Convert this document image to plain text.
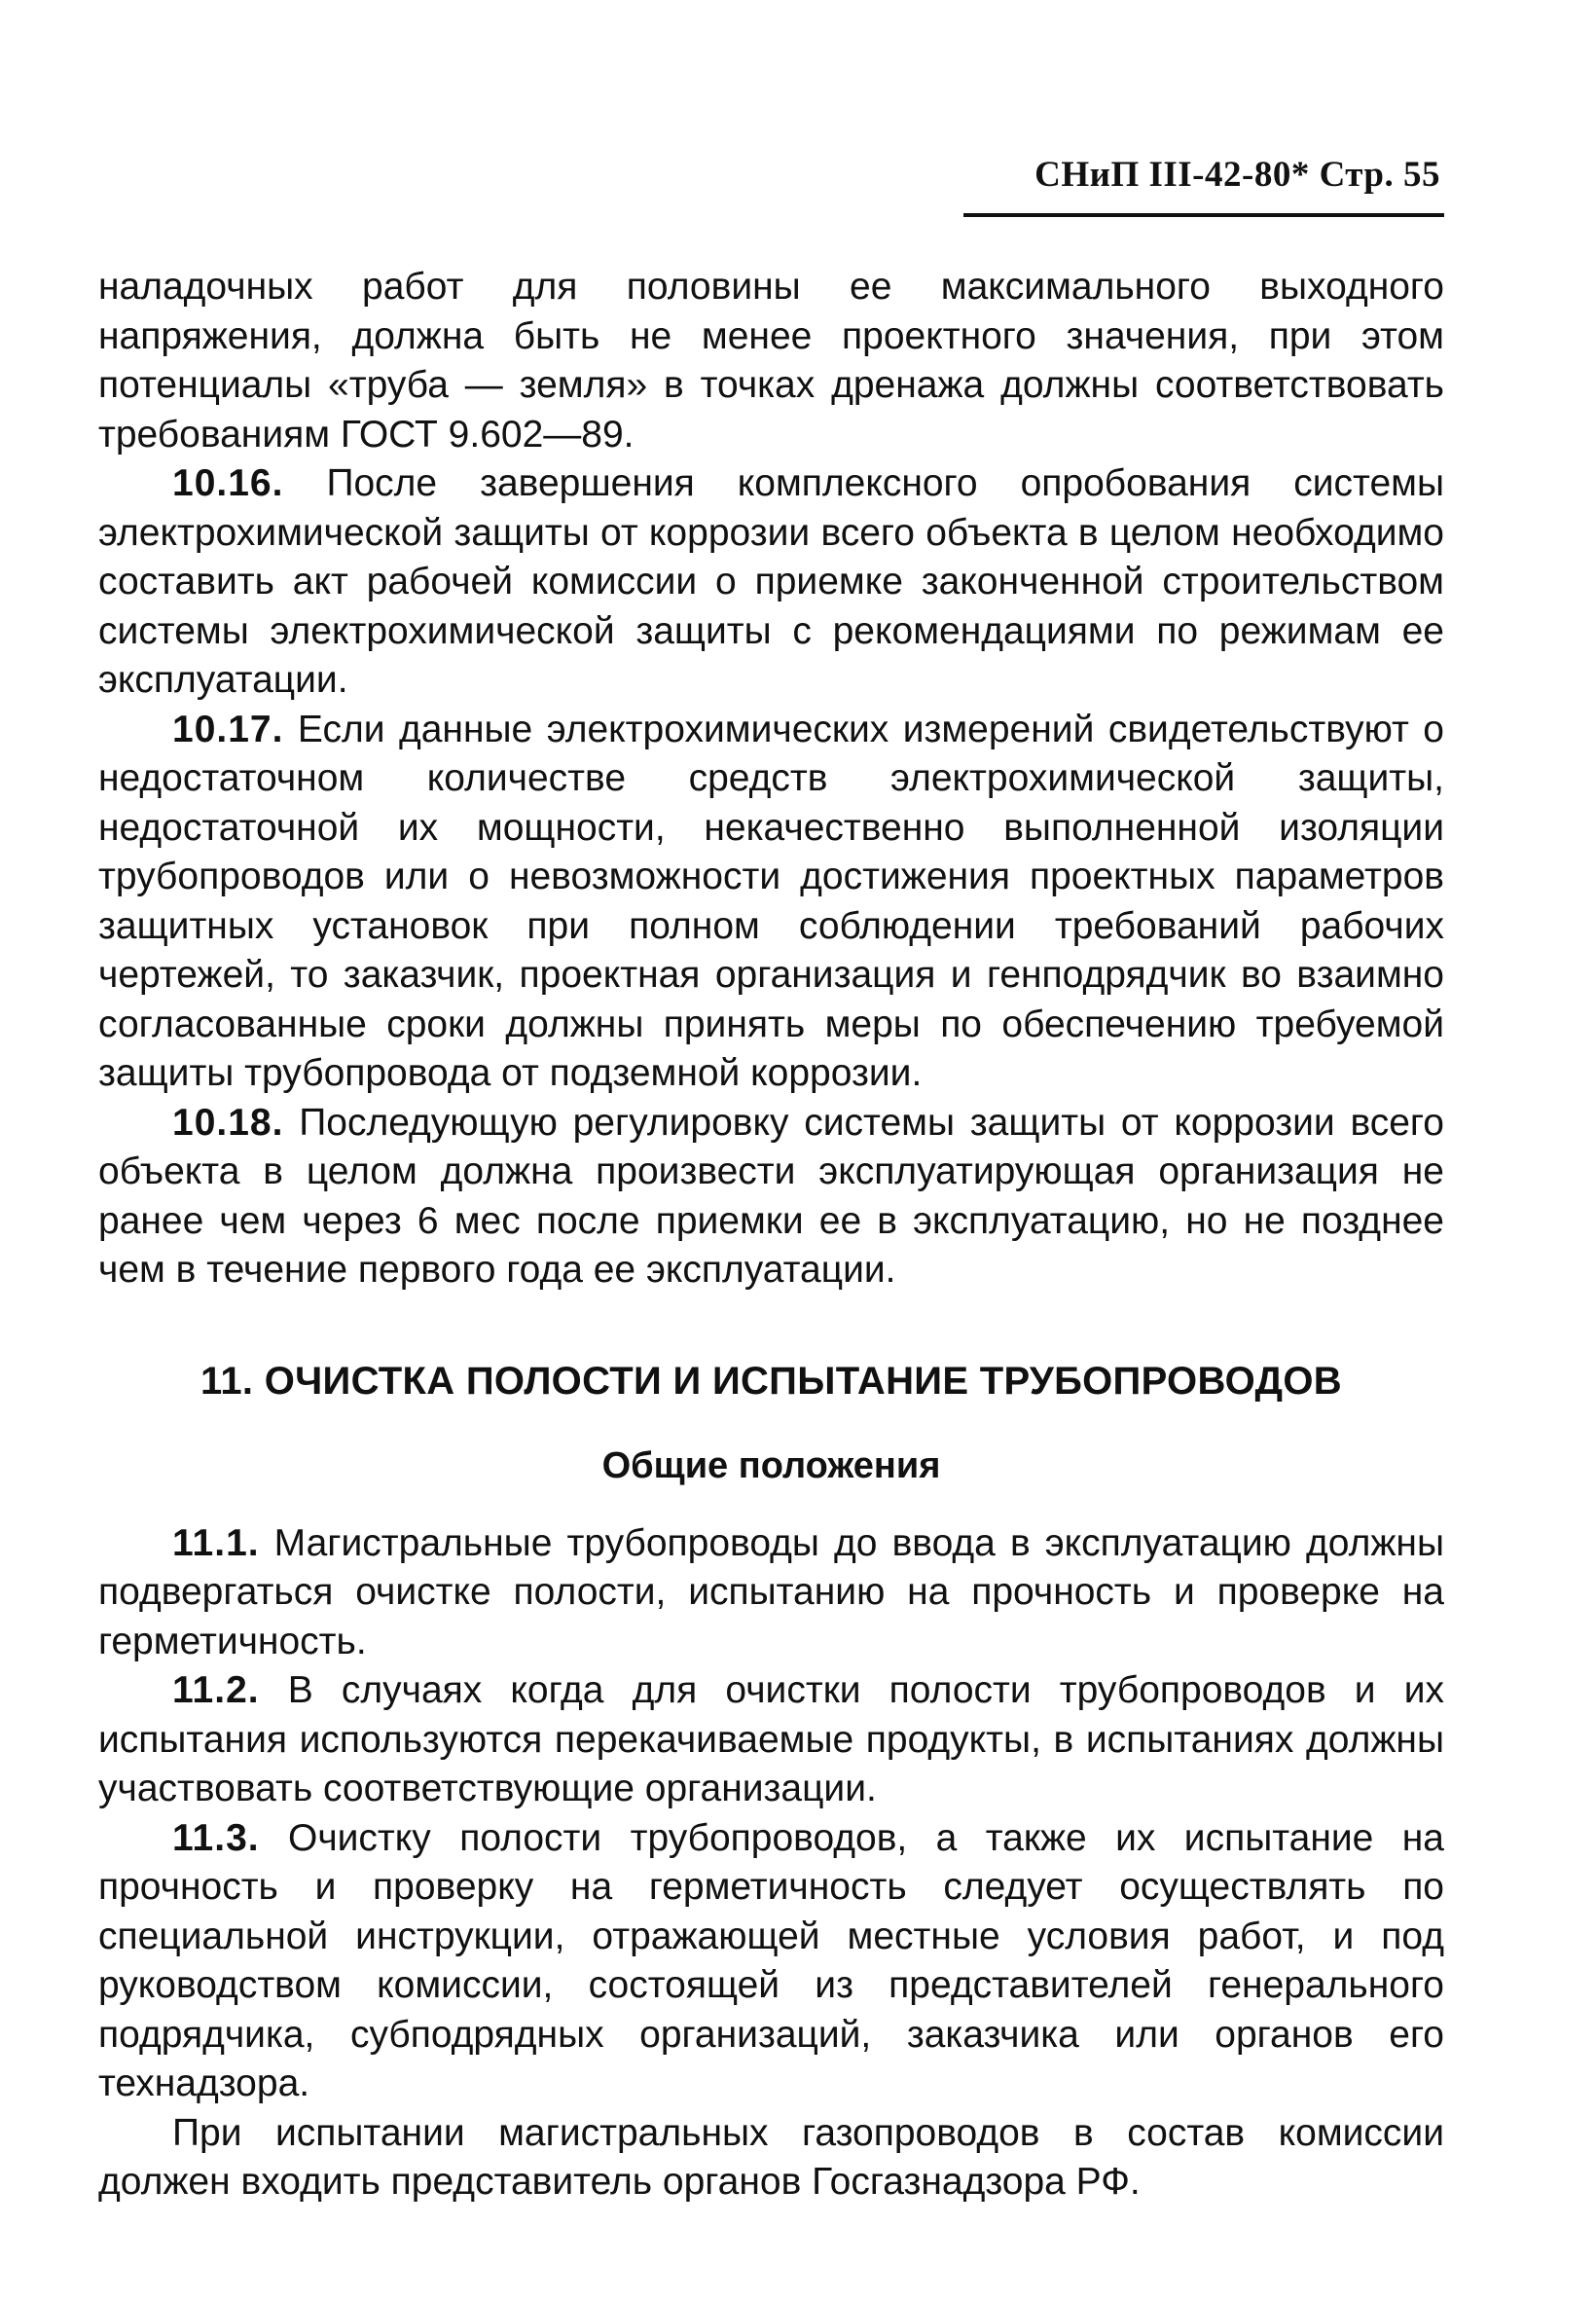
СНиП III-42-80* Стр. 55

наладочных работ для половины ее максимального выходного напряжения, должна быть не менее проектного значения, при этом потенциалы «труба — земля» в точках дренажа должны соответствовать требованиям ГОСТ 9.602—89.

10.16. После завершения комплексного опробования системы электрохимической защиты от коррозии всего объекта в целом необходимо составить акт рабочей комиссии о приемке законченной строительством системы электрохимической защиты с рекомендациями по режимам ее эксплуатации.

10.17. Если данные электрохимических измерений свидетельствуют о недостаточном количестве средств электрохимической защиты, недостаточной их мощности, некачественно выполненной изоляции трубопроводов или о невозможности достижения проектных параметров защитных установок при полном соблюдении требований рабочих чертежей, то заказчик, проектная организация и генподрядчик во взаимно согласованные сроки должны принять меры по обеспечению требуемой защиты трубопровода от подземной коррозии.

10.18. Последующую регулировку системы защиты от коррозии всего объекта в целом должна произвести эксплуатирующая организация не ранее чем через 6 мес после приемки ее в эксплуатацию, но не позднее чем в течение первого года ее эксплуатации.

11. ОЧИСТКА ПОЛОСТИ И ИСПЫТАНИЕ ТРУБОПРОВОДОВ
Общие положения

11.1. Магистральные трубопроводы до ввода в эксплуатацию должны подвергаться очистке полости, испытанию на прочность и проверке на герметичность.

11.2. В случаях когда для очистки полости трубопроводов и их испытания используются перекачиваемые продукты, в испытаниях должны участвовать соответствующие организации.

11.3. Очистку полости трубопроводов, а также их испытание на прочность и проверку на герметичность следует осуществлять по специальной инструкции, отражающей местные условия работ, и под руководством комиссии, состоящей из представителей генерального подрядчика, субподрядных организаций, заказчика или органов его технадзора.

При испытании магистральных газопроводов в состав комиссии должен входить представитель органов Госгазнадзора РФ.
